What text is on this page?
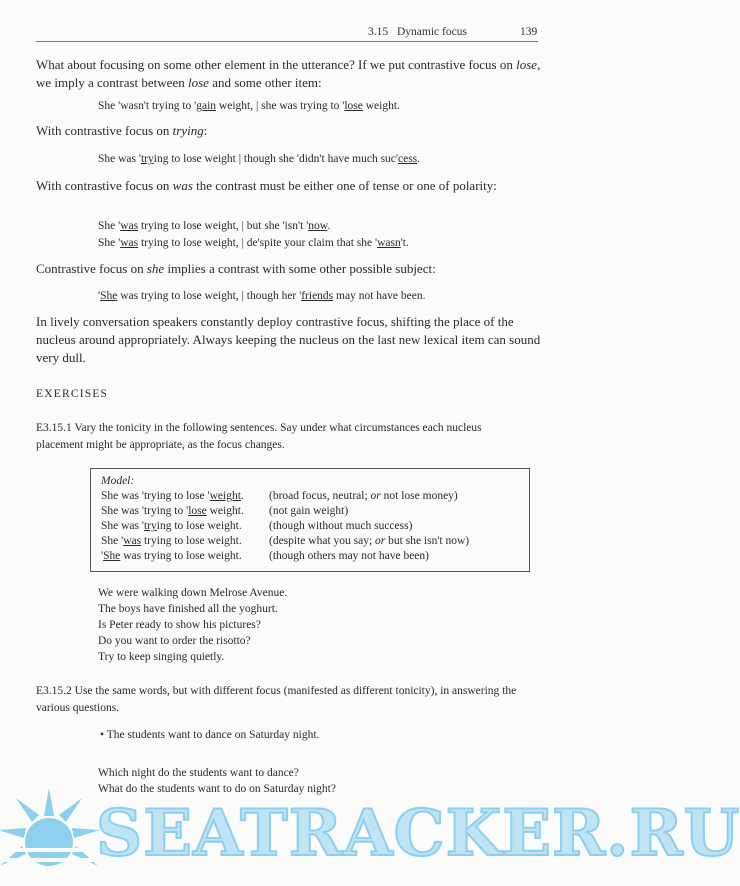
3.15 Dynamic focus	139

What about focusing on some other element in the utterance? If we put contrastive focus on lose, we imply a contrast between lose and some other item:

She 'wasn't trying to 'gain weight, | she was trying to 'lose weight.

With contrastive focus on trying:

She was 'trying to lose weight | though she 'didn't have much suc'cess.

With contrastive focus on was the contrast must be either one of tense or one of polarity:

She 'was trying to lose weight, | but she 'isn't 'now.

She 'was trying to lose weight, | de'spite your claim that she 'wasn't.

Contrastive focus on she implies a contrast with some other possible subject:

'She was trying to lose weight, | though her 'friends may not have been.

In lively conversation speakers constantly deploy contrastive focus, shifting the place of the nucleus around appropriately. Always keeping the nucleus on the last new lexical item can sound very dull.

EXERCISES

E3.15.1 Vary the tonicity in the following sentences. Say under what circumstances each nucleus placement might be appropriate, as the focus changes.

Model:
She was 'trying to lose 'weight. (broad focus, neutral; or not lose money)
She was 'trying to 'lose weight. (not gain weight)
She was 'trying to lose weight. (though without much success)
She 'was trying to lose weight. (despite what you say; or but she isn't now)
'She was trying to lose weight. (though others may not have been)
We were walking down Melrose Avenue.
The boys have finished all the yoghurt.
Is Peter ready to show his pictures?
Do you want to order the risotto?
Try to keep singing quietly.

E3.15.2 Use the same words, but with different focus (manifested as different tonicity), in answering the various questions.

• The students want to dance on Saturday night.
Which night do the students want to dance?
What do the students want to do on Saturday night?
SEATRACKER.RU
